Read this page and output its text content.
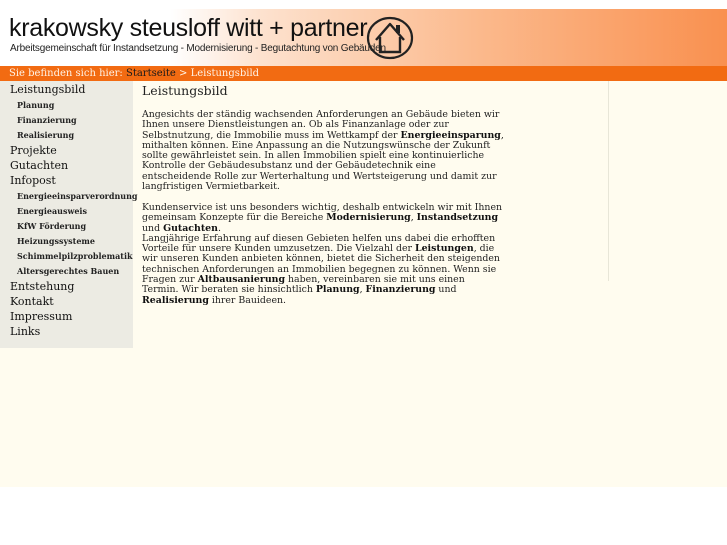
krakowsky steusloff witt + partner
Arbeitsgemeinschaft für Instandsetzung - Modernisierung - Begutachtung von Gebäuden
Sie befinden sich hier: Startseite > Leistungsbild
Leistungsbild
Planung
Finanzierung
Realisierung
Projekte
Gutachten
Infopost
Energieeinsparverordnung
Energieausweis
KfW Förderung
Heizungssysteme
Schimmelpilzproblematik
Altersgerechtes Bauen
Entstehung
Kontakt
Impressum
Links
Leistungsbild
Angesichts der ständig wachsenden Anforderungen an Gebäude bieten wir Ihnen unsere Dienstleistungen an. Ob als Finanzanlage oder zur Selbstnutzung, die Immobilie muss im Wettkampf der Energieeinsparung, mithalten können. Eine Anpassung an die Nutzungswünsche der Zukunft sollte gewährleistet sein. In allen Immobilien spielt eine kontinuierliche Kontrolle der Gebäudesubstanz und der Gebäudetechnik eine entscheidende Rolle zur Werterhaltung und Wertsteigerung und damit zur langfristigen Vermietbarkeit.
Kundenservice ist uns besonders wichtig, deshalb entwickeln wir mit Ihnen gemeinsam Konzepte für die Bereiche Modernisierung, Instandsetzung und Gutachten.
Langjährige Erfahrung auf diesen Gebieten helfen uns dabei die erhofften Vorteile für unsere Kunden umzusetzen. Die Vielzahl der Leistungen, die wir unseren Kunden anbieten können, bietet die Sicherheit den steigenden technischen Anforderungen an Immobilien begegnen zu können. Wenn sie Fragen zur Altbausanierung haben, vereinbaren sie mit uns einen Termin. Wir beraten sie hinsichtlich Planung, Finanzierung und Realisierung ihrer Bauideen.
